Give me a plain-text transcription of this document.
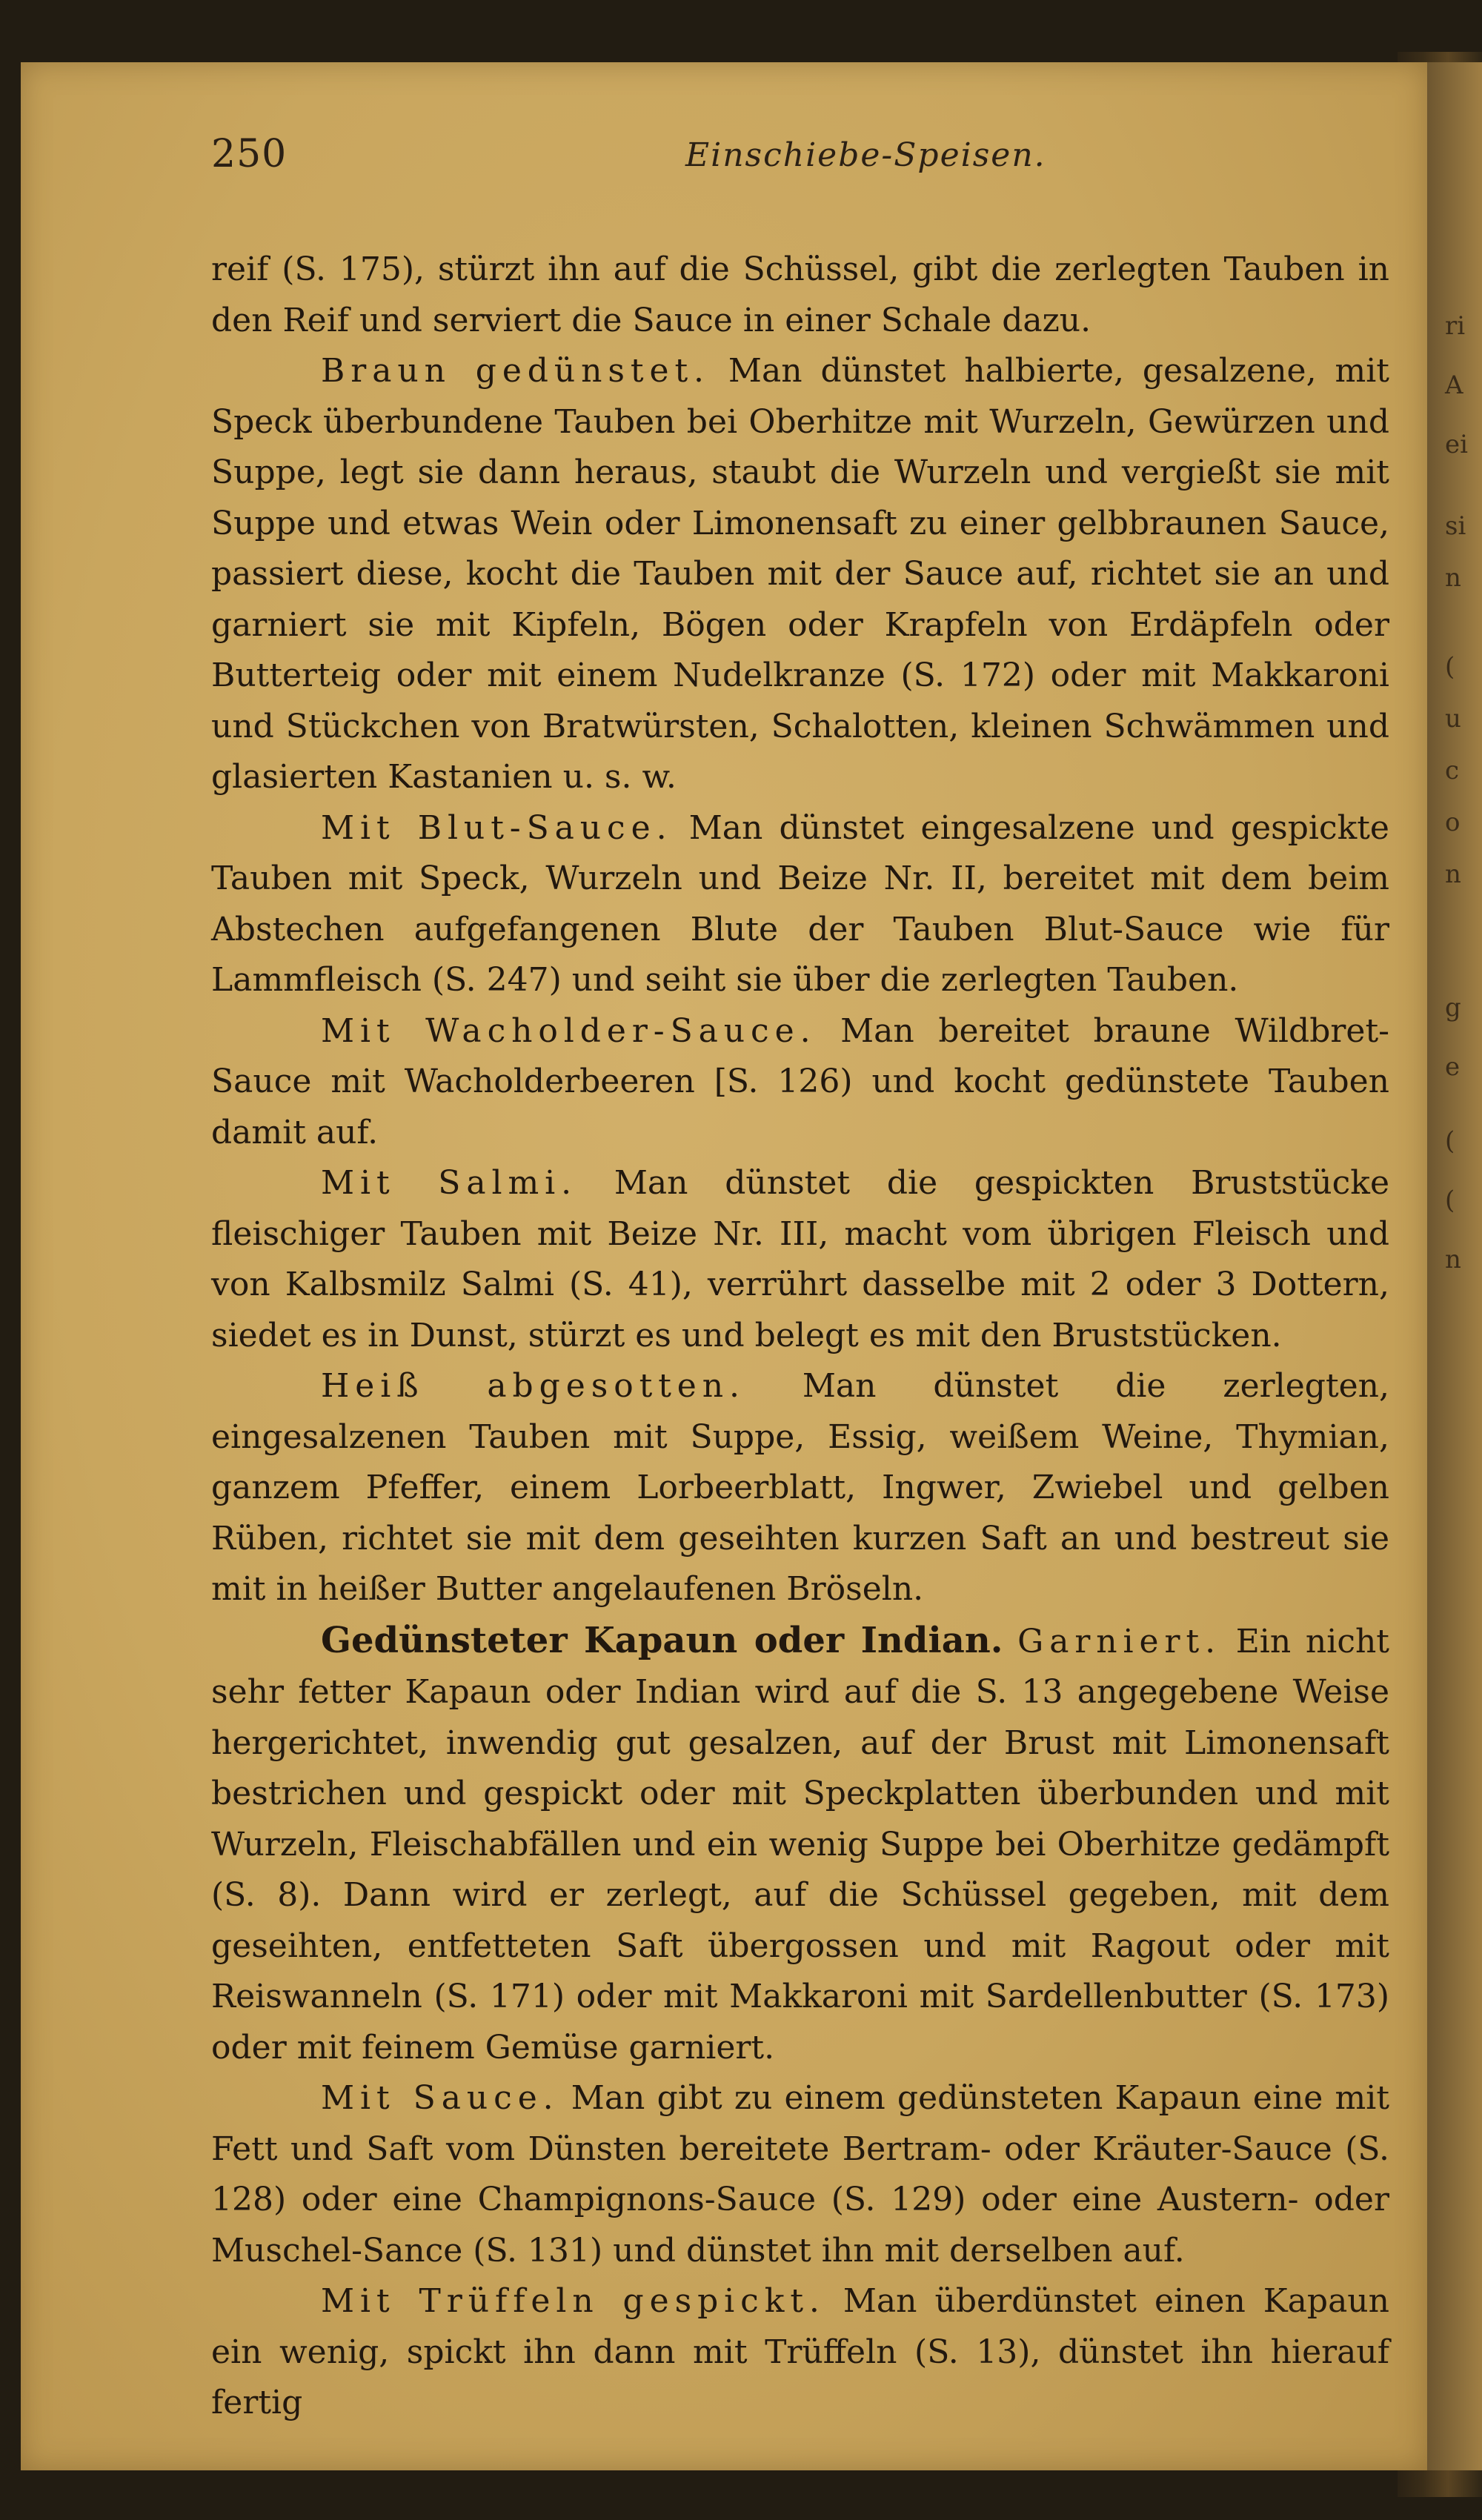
250	Einschiebe-Speisen.

reif (S. 175), stürzt ihn auf die Schüssel, gibt die zerlegten Tauben in den Reif und serviert die Sauce in einer Schale dazu.

Braun gedünstet. Man dünstet halbierte, gesalzene, mit Speck überbundene Tauben bei Oberhitze mit Wurzeln, Gewürzen und Suppe, legt sie dann heraus, staubt die Wurzeln und vergießt sie mit Suppe und etwas Wein oder Limonensaft zu einer gelbbraunen Sauce, passiert diese, kocht die Tauben mit der Sauce auf, richtet sie an und garniert sie mit Kipfeln, Bögen oder Krapfeln von Erdäpfeln oder Butterteig oder mit einem Nudelkranze (S. 172) oder mit Makkaroni und Stückchen von Bratwürsten, Schalotten, kleinen Schwämmen und glasierten Kastanien u. s. w.

Mit Blut-Sauce. Man dünstet eingesalzene und gespickte Tauben mit Speck, Wurzeln und Beize Nr. II, bereitet mit dem beim Abstechen aufgefangenen Blute der Tauben Blut-Sauce wie für Lammfleisch (S. 247) und seiht sie über die zerlegten Tauben.

Mit Wacholder-Sauce. Man bereitet braune Wildbret-Sauce mit Wacholderbeeren [S. 126) und kocht gedünstete Tauben damit auf.

Mit Salmi. Man dünstet die gespickten Bruststücke fleischiger Tauben mit Beize Nr. III, macht vom übrigen Fleisch und von Kalbsmilz Salmi (S. 41), verrührt dasselbe mit 2 oder 3 Dottern, siedet es in Dunst, stürzt es und belegt es mit den Bruststücken.

Heiß abgesotten. Man dünstet die zerlegten, eingesalzenen Tauben mit Suppe, Essig, weißem Weine, Thymian, ganzem Pfeffer, einem Lorbeerblatt, Ingwer, Zwiebel und gelben Rüben, richtet sie mit dem geseihten kurzen Saft an und bestreut sie mit in heißer Butter angelaufenen Bröseln.

Gedünsteter Kapaun oder Indian. Garniert. Ein nicht sehr fetter Kapaun oder Indian wird auf die S. 13 angegebene Weise hergerichtet, inwendig gut gesalzen, auf der Brust mit Limonensaft bestrichen und gespickt oder mit Speckplatten überbunden und mit Wurzeln, Fleischabfällen und ein wenig Suppe bei Oberhitze gedämpft (S. 8). Dann wird er zerlegt, auf die Schüssel gegeben, mit dem geseihten, entfetteten Saft übergossen und mit Ragout oder mit Reiswanneln (S. 171) oder mit Makkaroni mit Sardellenbutter (S. 173) oder mit feinem Gemüse garniert.

Mit Sauce. Man gibt zu einem gedünsteten Kapaun eine mit Fett und Saft vom Dünsten bereitete Bertram- oder Kräuter-Sauce (S. 128) oder eine Champignons-Sauce (S. 129) oder eine Austern- oder Muschel-Sance (S. 131) und dünstet ihn mit derselben auf.

Mit Trüffeln gespickt. Man überdünstet einen Kapaun ein wenig, spickt ihn dann mit Trüffeln (S. 13), dünstet ihn hierauf fertig

ri
A
ei
si
n
(
u
c
o
n
g
e
(
(
n
